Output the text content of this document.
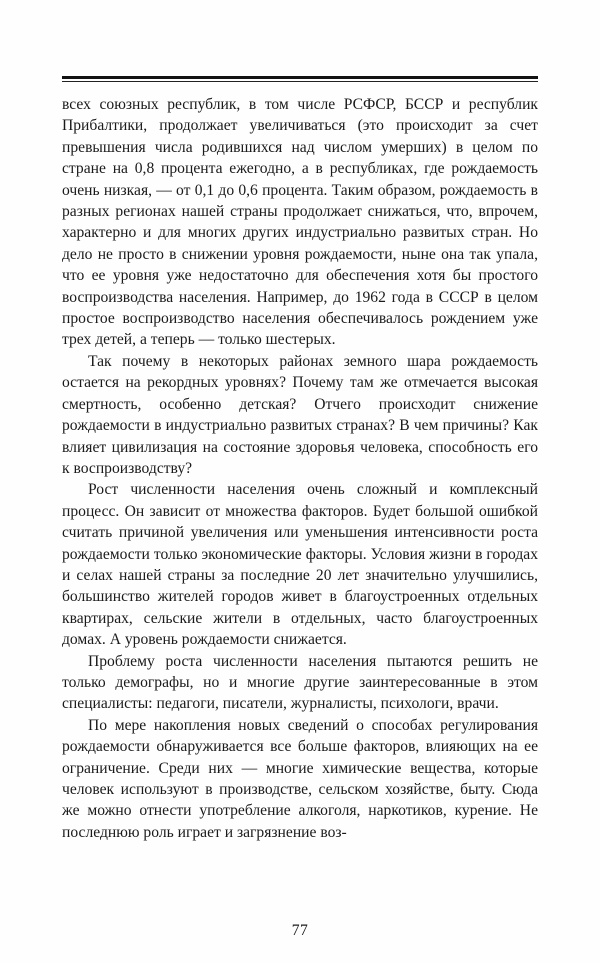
всех союзных республик, в том числе РСФСР, БССР и республик Прибалтики, продолжает увеличиваться (это происходит за счет превышения числа родившихся над числом умерших) в целом по стране на 0,8 процента ежегодно, а в республиках, где рождаемость очень низкая, — от 0,1 до 0,6 процента. Таким образом, рождаемость в разных регионах нашей страны продолжает снижаться, что, впрочем, характерно и для многих других индустриально развитых стран. Но дело не просто в снижении уровня рождаемости, ныне она так упала, что ее уровня уже недостаточно для обеспечения хотя бы простого воспроизводства населения. Например, до 1962 года в СССР в целом простое воспроизводство населения обеспечивалось рождением уже трех детей, а теперь — только шестерых.

Так почему в некоторых районах земного шара рождаемость остается на рекордных уровнях? Почему там же отмечается высокая смертность, особенно детская? Отчего происходит снижение рождаемости в индустриально развитых странах? В чем причины? Как влияет цивилизация на состояние здоровья человека, способность его к воспроизводству?

Рост численности населения очень сложный и комплексный процесс. Он зависит от множества факторов. Будет большой ошибкой считать причиной увеличения или уменьшения интенсивности роста рождаемости только экономические факторы. Условия жизни в городах и селах нашей страны за последние 20 лет значительно улучшились, большинство жителей городов живет в благоустроенных отдельных квартирах, сельские жители в отдельных, часто благоустроенных домах. А уровень рождаемости снижается.

Проблему роста численности населения пытаются решить не только демографы, но и многие другие заинтересованные в этом специалисты: педагоги, писатели, журналисты, психологи, врачи.

По мере накопления новых сведений о способах регулирования рождаемости обнаруживается все больше факторов, влияющих на ее ограничение. Среди них — многие химические вещества, которые человек используют в производстве, сельском хозяйстве, быту. Сюда же можно отнести употребление алкоголя, наркотиков, курение. Не последнюю роль играет и загрязнение воз-

77
